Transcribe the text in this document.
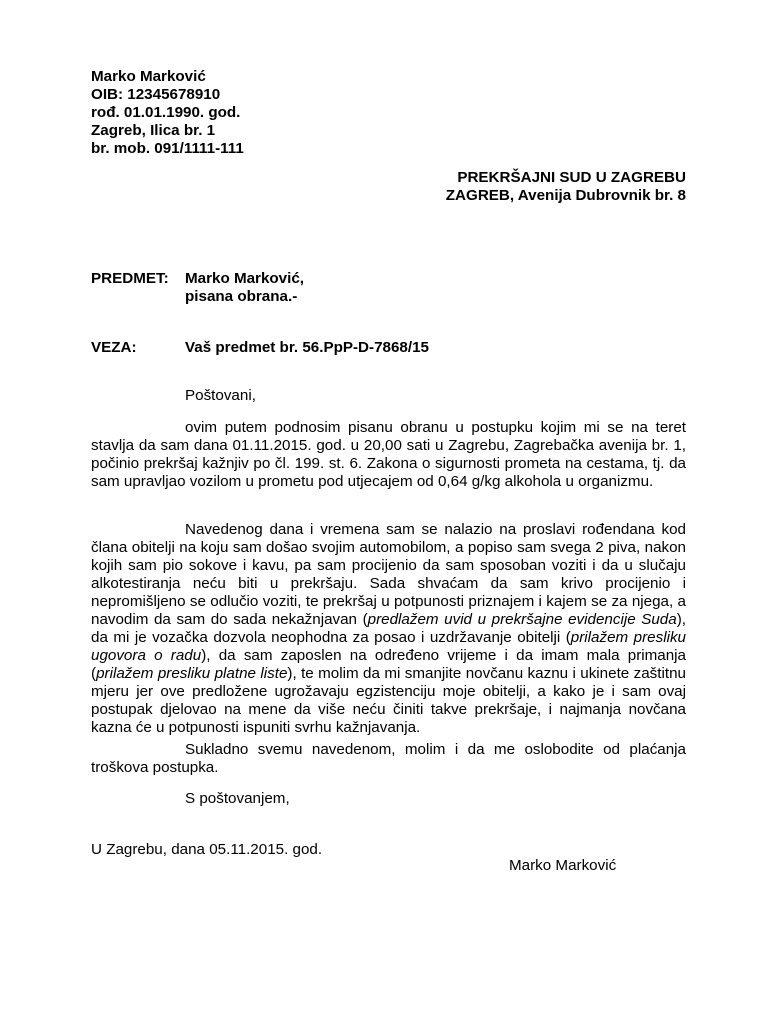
Marko Marković
OIB: 12345678910
rođ. 01.01.1990. god.
Zagreb, Ilica br. 1
br. mob. 091/1111-111
PREKRŠAJNI SUD U ZAGREBU
ZAGREB, Avenija Dubrovnik br. 8
PREDMET: Marko Marković,
pisana obrana.-
VEZA:	Vaš predmet br. 56.PpP-D-7868/15
Poštovani,

ovim putem podnosim pisanu obranu u postupku kojim mi se na teret stavlja da sam dana 01.11.2015. god. u 20,00 sati u Zagrebu, Zagrebačka avenija br. 1, počinio prekršaj kažnjiv po čl. 199. st. 6. Zakona o sigurnosti prometa na cestama, tj. da sam upravljao vozilom u prometu pod utjecajem od 0,64 g/kg alkohola u organizmu.

Navedenog dana i vremena sam se nalazio na proslavi rođendana kod člana obitelji na koju sam došao svojim automobilom, a popiso sam svega 2 piva, nakon kojih sam pio sokove i kavu, pa sam procijenio da sam sposoban voziti i da u slučaju alkotestiranja neću biti u prekršaju. Sada shvaćam da sam krivo procijenio i nepromišljeno se odlučio voziti, te prekršaj u potpunosti priznajem i kajem se za njega, a navodim da sam do sada nekažnjavan (predlažem uvid u prekršajne evidencije Suda), da mi je vozačka dozvola neophodna za posao i uzdržavanje obitelji (prilažem presliku ugovora o radu), da sam zaposlen na određeno vrijeme i da imam mala primanja (prilažem presliku platne liste), te molim da mi smanjite novčanu kaznu i ukinete zaštitnu mjeru jer ove predložene ugrožavaju egzistenciju moje obitelji, a kako je i sam ovaj postupak djelovao na mene da više neću činiti takve prekršaje, i najmanja novčana kazna će u potpunosti ispuniti svrhu kažnjavanja.

Sukladno svemu navedenom, molim i da me oslobodite od plaćanja troškova postupka.

S poštovanjem,
U Zagrebu, dana 05.11.2015. god.
Marko Marković
